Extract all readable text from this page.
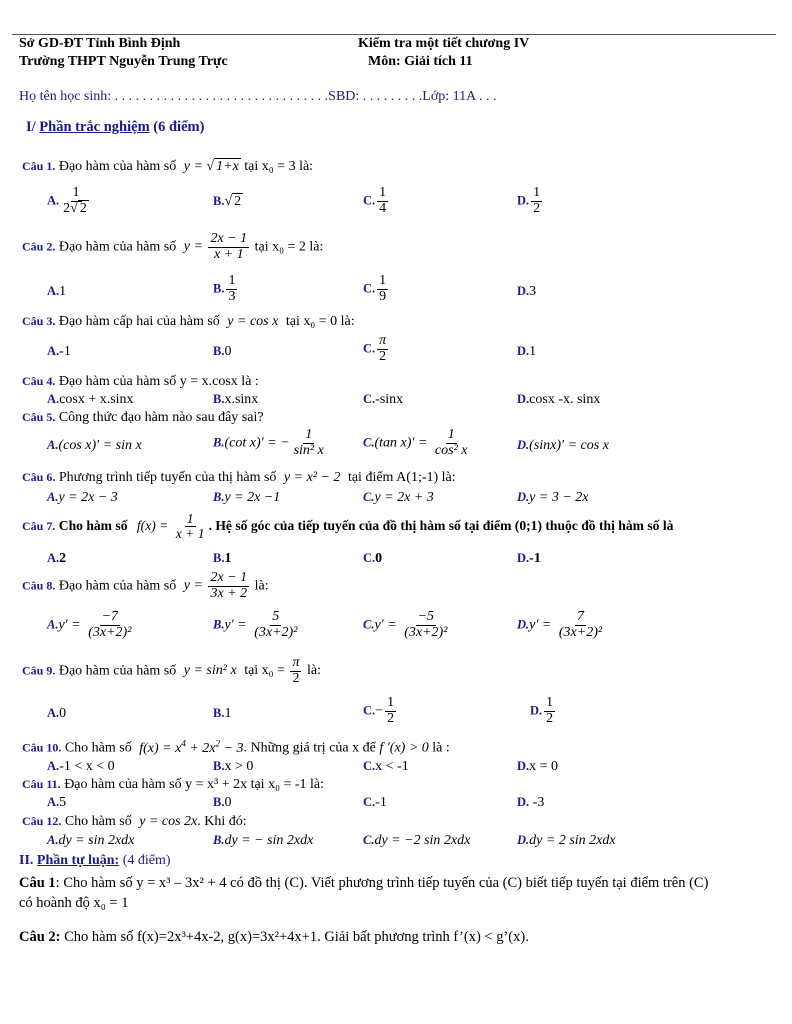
Sở GD-ĐT Tỉnh Bình Định
Trường THPT Nguyễn Trung Trực
Kiểm tra một tiết chương IV
Môn: Giải tích 11
Họ tên học sinh: . . . . . . . . . . . . . . . . . . . . . . . . . . . . . . .SBD: . . . . . . . . .Lớp: 11A . . .
I/ Phần trắc nghiệm (6 điểm)
Câu 1. Đạo hàm của hàm số y = √ 1+x tại x₀ = 3 là:
A. $\frac{1}{2√ 2}$	B.√ 2	C. $\frac{1}{4}$	D. $\frac{1}{2}$
Câu 2. Đạo hàm của hàm số $y = \frac{2x - 1}{x + 1}$ tại x₀ = 2 là:
A.1	B. $\frac{1}{3}$	C. $\frac{1}{9}$	D.3
Câu 3. Đạo hàm cấp hai của hàm số y = cos x tại x₀ = 0 là:
A.-1	B.0	C. $\frac{\pi}{2}$	D.1
Câu 4. Đạo hàm của hàm số y = x.cosx là :
A.cosx + x.sinx	B.x.sinx	C.-sinx	D.cosx -x. sinx
Câu 5. Công thức đạo hàm nào sau đây sai?
A.(cos x)′ = sin x	B.(cot x)′ = − $\frac{1}{\text{sin² x}}$	C.(tan $x)' = \frac{1}{\text{cos² x}}$	D.(sinx)′ = cos x
Câu 6. Phương trình tiếp tuyến của thị hàm số y = x² − 2 tại điểm A(1;-1) là:
A.y = 2x − 3	B.y = 2x −1	C.y = 2x + 3	D.y = 3 − 2x
Câu 7. Cho hàm số $f(x) = \frac{1}{x + 1}$ . Hệ số góc của tiếp tuyến của đồ thị hàm số tại điểm (0;1) thuộc đồ thị hàm số là
A.2	B.1	C.0	D.-1
Câu 8. Đạo hàm của hàm số $y = \frac{2x - 1}{3x + 2}$ là:
$A.y' = \frac{-7}{\text{(3x+2)²}}$	$B.y' = \frac{5}{\text{(3x+2)²}}$	$C.y' = \frac{-5}{\text{(3x+2)²}}$	$D.y' = \frac{7}{\text{(3x+2)²}}$
Câu 9. Đạo hàm của hàm số y = sin² x tại $x_0 = \frac{\pi}{2}$ là:
A.0	B.1	$C.- \frac{1}{2}$	D. $\frac{1}{2}$
Câu 10. Cho hàm số $f(x) = x^4 + 2x^2 - 3$. Những giá trị của x để f ′(x) > 0 là :
A.-1 < x < 0	B.x > 0	C.x < -1	D.x = 0
Câu 11. Đạo hàm của hàm số y = x³ + 2x tại x₀ = -1 là:
A.5	B.0	C.-1	D. -3
Câu 12. Cho hàm số y = cos 2x. Khi đó:
A.dy = sin 2xdx	B.dy = − sin 2xdx	C.dy = −2 sin 2xdx	D.dy = 2 sin 2xdx
II. Phần tự luận: (4 điểm)
Câu 1: Cho hàm số y = x³ – 3x² + 4 có đồ thị (C). Viết phương trình tiếp tuyến của (C) biết tiếp tuyến tại điểm trên (C)
có hoành độ x₀ = 1
Câu 2: Cho hàm số f(x)=2x³+4x-2, g(x)=3x²+4x+1. Giải bất phương trình f’(x) < g’(x).
